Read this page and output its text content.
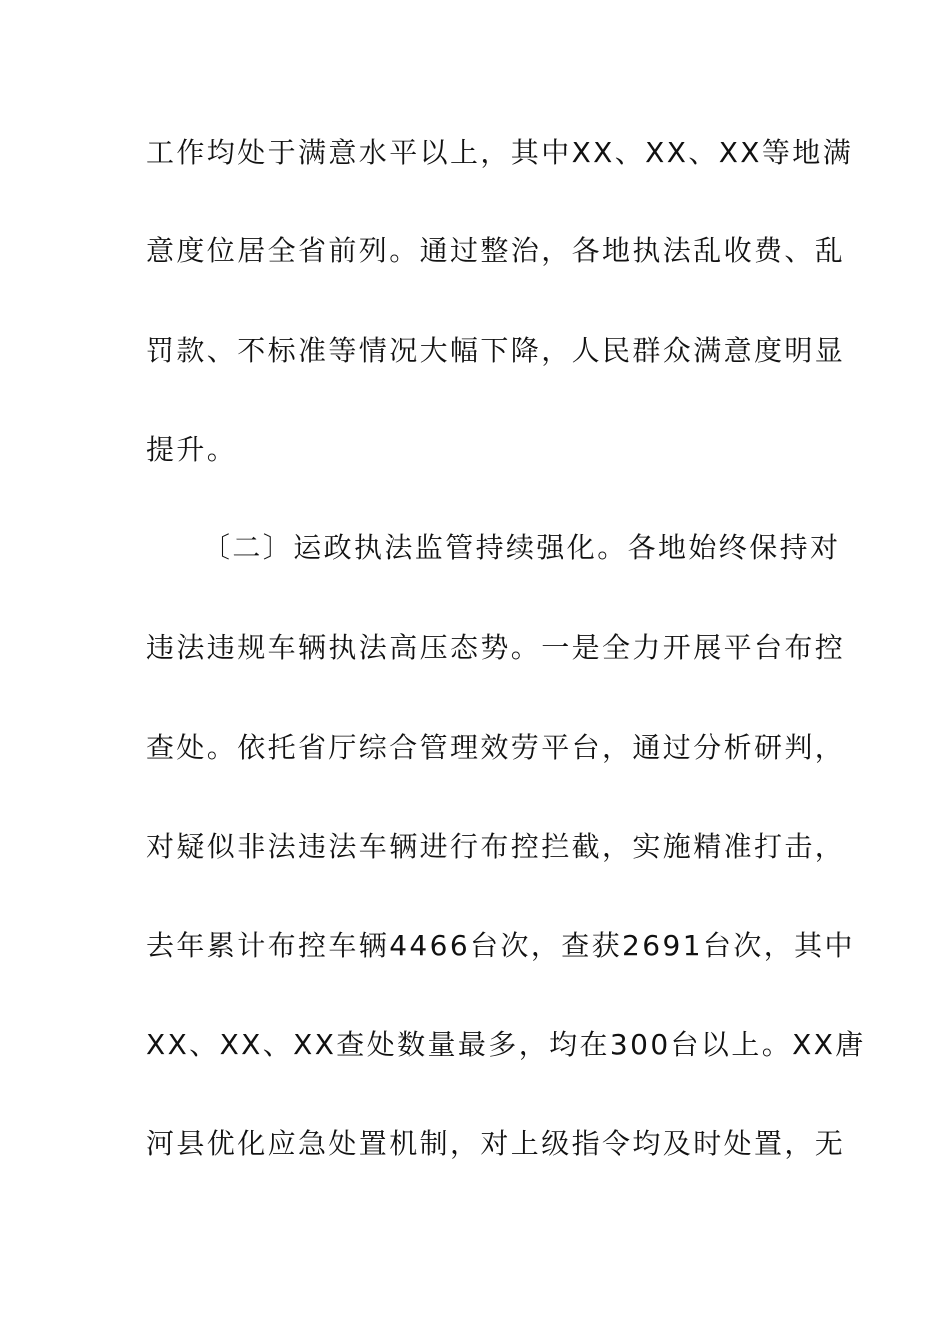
工作均处于满意水平以上，其中XX、XX、XX等地满
意度位居全省前列。通过整治，各地执法乱收费、乱
罚款、不标准等情况大幅下降，人民群众满意度明显
提升。
〔二〕运政执法监管持续强化。各地始终保持对
违法违规车辆执法高压态势。一是全力开展平台布控
查处。依托省厅综合管理效劳平台，通过分析研判，
对疑似非法违法车辆进行布控拦截，实施精准打击，
去年累计布控车辆4466台次，查获2691台次，其中
XX、XX、XX查处数量最多，均在300台以上。XX唐
河县优化应急处置机制，对上级指令均及时处置，无
